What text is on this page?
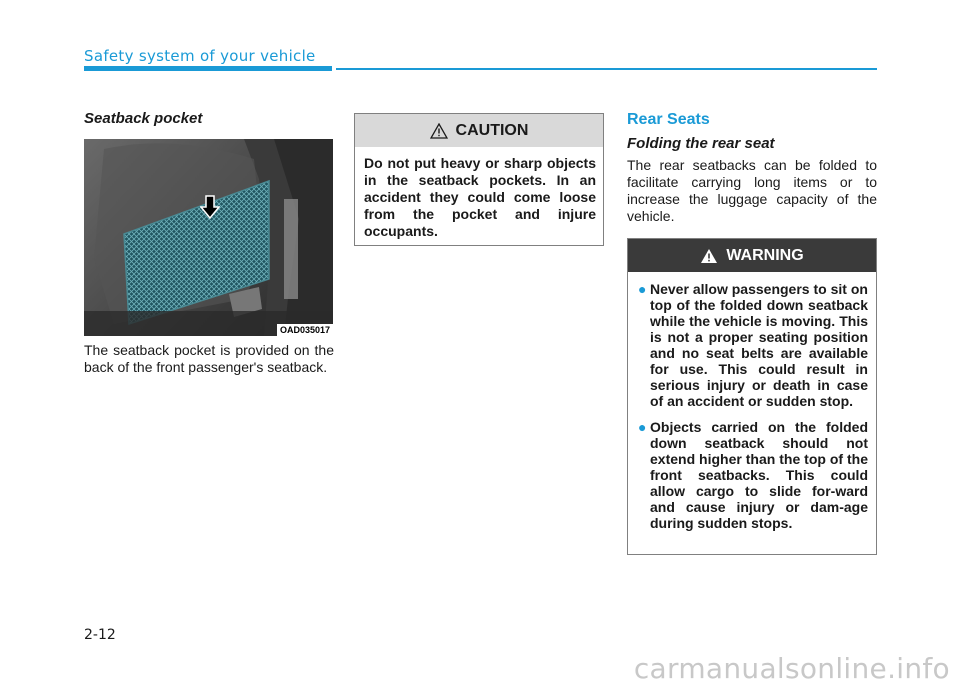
Safety system of your vehicle
Seatback pocket
OAD035017
The seatback pocket is provided on the back of the front passenger's seatback.
CAUTION
Do not put heavy or sharp objects in the seatback pockets. In an accident they could come loose from the pocket and injure occupants.
Rear Seats
Folding the rear seat
The rear seatbacks can be folded to facilitate carrying long items or to increase the luggage capacity of the vehicle.
WARNING
● Never allow passengers to sit on top of the folded down seatback while the vehicle is moving. This is not a proper seating position and no seat belts are available for use. This could result in serious injury or death in case of an accident or sudden stop.
● Objects carried on the folded down seatback should not extend higher than the top of the front seatbacks. This could allow cargo to slide for-ward and cause injury or dam-age during sudden stops.
2-12
carmanualsonline.info
